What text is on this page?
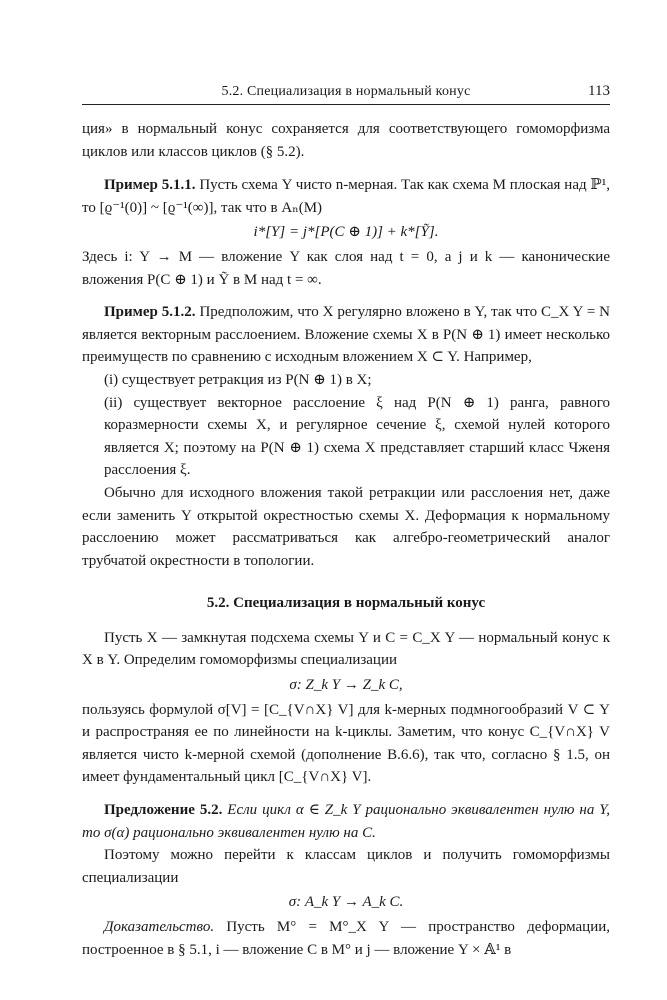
5.2. Специализация в нормальный конус	113

ция» в нормальный конус сохраняется для соответствующего гомоморфизма циклов или классов циклов (§ 5.2).

Пример 5.1.1. Пусть схема Y чисто n-мерная. Так как схема M плоская над ℙ¹, то [ϱ⁻¹(0)] ~ [ϱ⁻¹(∞)], так что в Aₙ(M)

i*[Y] = j*[P(C ⊕ 1)] + k*[Ỹ].

Здесь i: Y → M — вложение Y как слоя над t = 0, а j и k — канонические вложения P(C ⊕ 1) и Ỹ в M над t = ∞.

Пример 5.1.2. Предположим, что X регулярно вложено в Y, так что C_X Y = N является векторным расслоением. Вложение схемы X в P(N ⊕ 1) имеет несколько преимуществ по сравнению с исходным вложением X ⊂ Y. Например,

(i) существует ретракция из P(N ⊕ 1) в X;

(ii) существует векторное расслоение ξ над P(N ⊕ 1) ранга, равного коразмерности схемы X, и регулярное сечение ξ, схемой нулей которого является X; поэтому на P(N ⊕ 1) схема X представляет старший класс Чженя расслоения ξ.

Обычно для исходного вложения такой ретракции или расслоения нет, даже если заменить Y открытой окрестностью схемы X. Деформация к нормальному расслоению может рассматриваться как алгебро-геометрический аналог трубчатой окрестности в топологии.

5.2. Специализация в нормальный конус

Пусть X — замкнутая подсхема схемы Y и C = C_X Y — нормальный конус к X в Y. Определим гомоморфизмы специализации

σ: Z_k Y → Z_k C,

пользуясь формулой σ[V] = [C_{V∩X} V] для k-мерных подмногообразий V ⊂ Y и распространяя ее по линейности на k-циклы. Заметим, что конус C_{V∩X} V является чисто k-мерной схемой (дополнение В.6.6), так что, согласно § 1.5, он имеет фундаментальный цикл [C_{V∩X} V].

Предложение 5.2. Если цикл α ∈ Z_k Y рационально эквивалентен нулю на Y, то σ(α) рационально эквивалентен нулю на C.

Поэтому можно перейти к классам циклов и получить гомоморфизмы специализации

σ: A_k Y → A_k C.

Доказательство. Пусть M° = M°_X Y — пространство деформации, построенное в § 5.1, i — вложение C в M° и j — вложение Y × 𝔸¹ в
